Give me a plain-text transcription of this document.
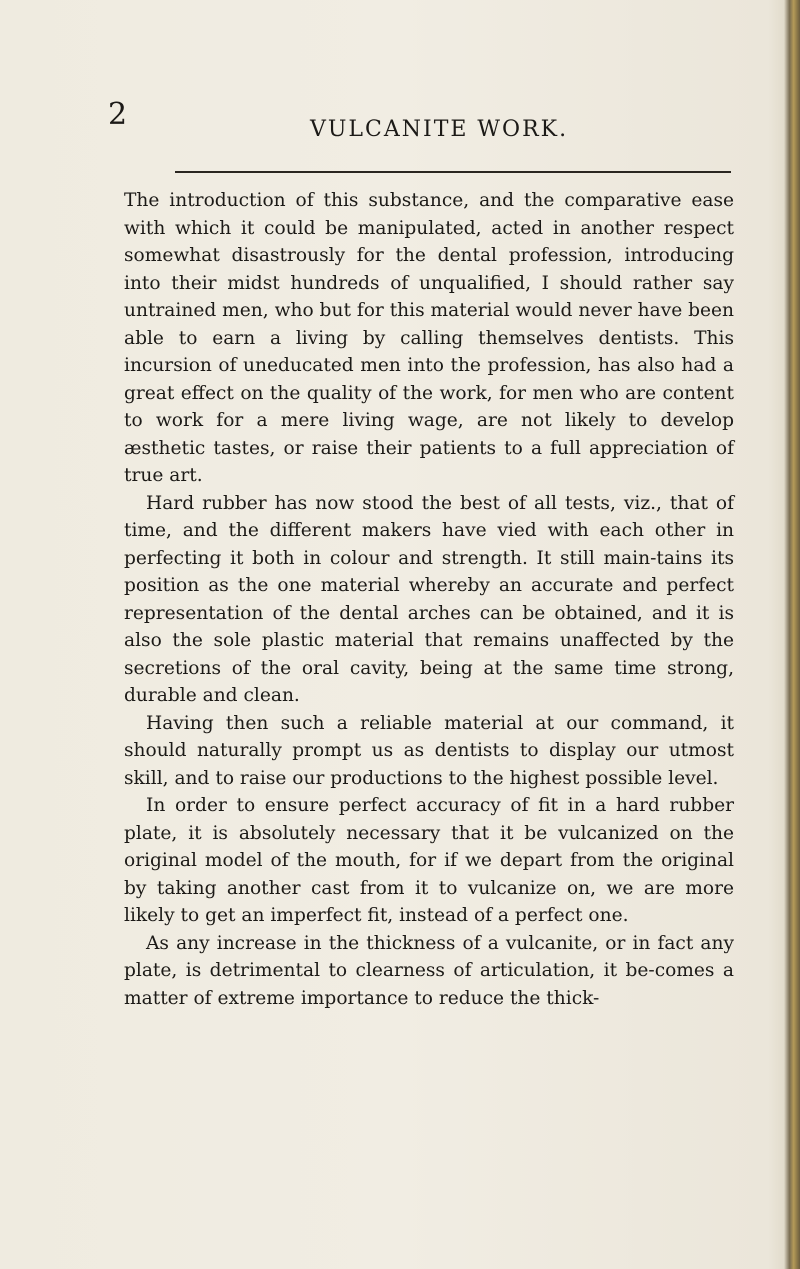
2	VULCANITE WORK.

The introduction of this substance, and the comparative ease with which it could be manipulated, acted in another respect somewhat disastrously for the dental profession, introducing into their midst hundreds of unqualified, I should rather say untrained men, who but for this material would never have been able to earn a living by calling themselves dentists. This incursion of uneducated men into the profession, has also had a great effect on the quality of the work, for men who are content to work for a mere living wage, are not likely to develop æsthetic tastes, or raise their patients to a full appreciation of true art.

Hard rubber has now stood the best of all tests, viz., that of time, and the different makers have vied with each other in perfecting it both in colour and strength. It still main-tains its position as the one material whereby an accurate and perfect representation of the dental arches can be obtained, and it is also the sole plastic material that remains unaffected by the secretions of the oral cavity, being at the same time strong, durable and clean.

Having then such a reliable material at our command, it should naturally prompt us as dentists to display our utmost skill, and to raise our productions to the highest possible level.

In order to ensure perfect accuracy of fit in a hard rubber plate, it is absolutely necessary that it be vulcanized on the original model of the mouth, for if we depart from the original by taking another cast from it to vulcanize on, we are more likely to get an imperfect fit, instead of a perfect one.

As any increase in the thickness of a vulcanite, or in fact any plate, is detrimental to clearness of articulation, it be-comes a matter of extreme importance to reduce the thick-
